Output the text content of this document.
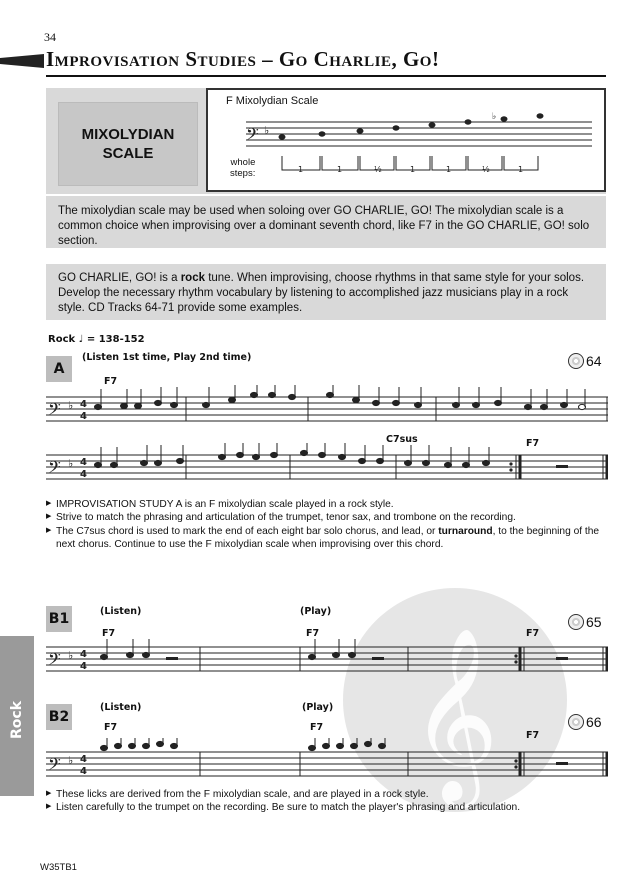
34
Improvisation Studies – Go Charlie, Go!
MIXOLYDIAN
SCALE
F Mixolydian Scale
𝄢 ♭
♭
1	1	½	1	1	½	1
whole
steps:
The mixolydian scale may be used when soloing over GO CHARLIE, GO! The mixolydian scale is a common choice when improvising over a dominant seventh chord, like F7 in the GO CHARLIE, GO! solo section.
GO CHARLIE, GO! is a rock tune. When improvising, choose rhythms in that same style for your solos. Develop the necessary rhythm vocabulary by listening to accomplished jazz musicians play in a rock style. CD Tracks 64-71 provide some examples.
Rock ♩ = 138-152
A
(Listen 1st time, Play 2nd time)	64
F7
𝄢 ♭ 4
4
C7sus	F7
𝄢 ♭ 4
4
▶ IMPROVISATION STUDY A is an F mixolydian scale played in a rock style.
▶ Strive to match the phrasing and articulation of the trumpet, tenor sax, and trombone on the recording.
▶ The C7sus chord is used to mark the end of each eight bar solo chorus, and lead, or turnaround, to the beginning of the next chorus. Continue to use the F mixolydian scale when improvising over this chord.
𝄞
B1	(Listen)	(Play)
65
F7	F7	F7
𝄢 ♭ 4
4
B2
(Listen)	(Play)
66
F7	F7
F7
𝄢 ♭ 4
4
▶ These licks are derived from the F mixolydian scale, and are played in a rock style.
▶ Listen carefully to the trumpet on the recording. Be sure to match the player's phrasing and articulation.
Rock
W35TB1
